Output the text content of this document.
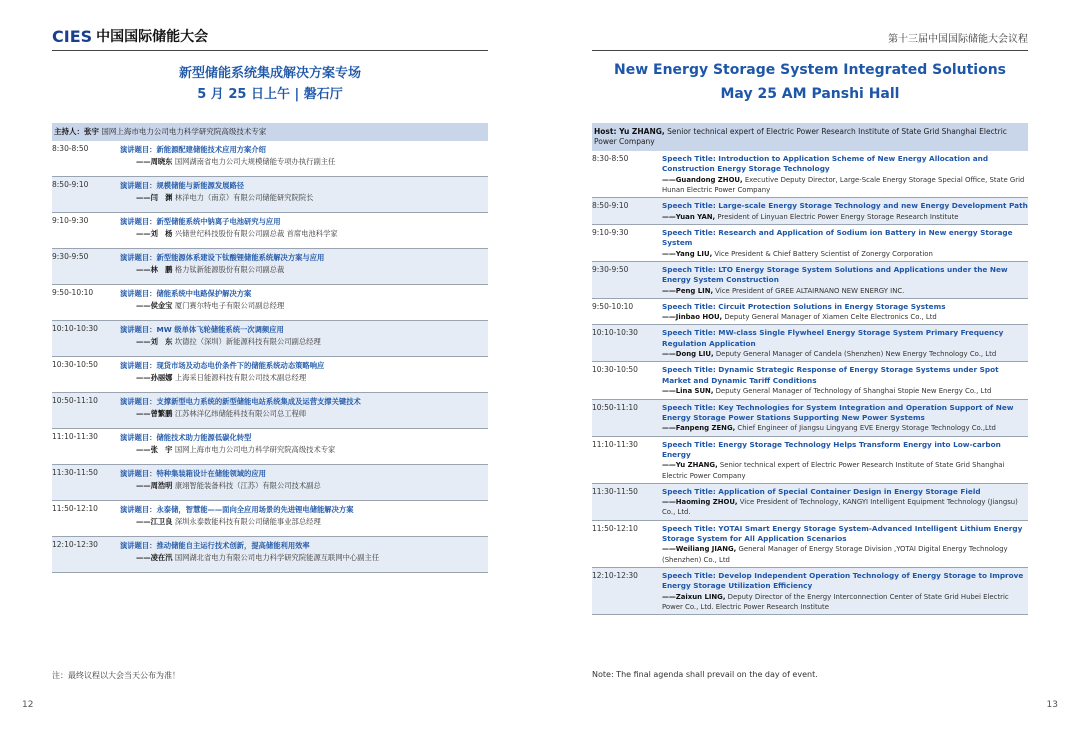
CIES 中国国际储能大会
新型储能系统集成解决方案专场
5 月 25 日上午 | 磐石厅
主持人：张宇 国网上海市电力公司电力科学研究院高级技术专家
8:30-8:50	演讲题目：新能源配建储能技术应用方案介绍
——周晓东 国网湖南省电力公司大规模储能专项办执行副主任
8:50-9:10	演讲题目：规模储能与新能源发展路径
——闫　渊 林洋电力（南京）有限公司储能研究院院长
9:10-9:30	演讲题目：新型储能系统中钠离子电池研究与应用
——刘　杨 兴储世纪科技股份有限公司副总裁 首席电池科学家
9:30-9:50	演讲题目：新型能源体系建设下钛酸锂储能系统解决方案与应用
——林　鹏 格力钛新能源股份有限公司副总裁
9:50-10:10	演讲题目：储能系统中电路保护解决方案
——侯金宝 厦门赛尔特电子有限公司副总经理
10:10-10:30	演讲题目：MW 级单体飞轮储能系统一次调频应用
——刘　东 坎德拉（深圳）新能源科技有限公司副总经理
10:30-10:50	演讲题目：现货市场及动态电价条件下的储能系统动态策略响应
——孙丽娜 上海采日能源科技有限公司技术副总经理
10:50-11:10	演讲题目：支撑新型电力系统的新型储能电站系统集成及运营支撑关键技术
——曾繁鹏 江苏林洋亿纬储能科技有限公司总工程师
11:10-11:30	演讲题目：储能技术助力能源低碳化转型
——张　宇 国网上海市电力公司电力科学研究院高级技术专家
11:30-11:50	演讲题目：特种集装箱设计在储能领域的应用
——周浩明 康翊智能装备科技（江苏）有限公司技术副总
11:50-12:10	演讲题目：永泰储，智慧能——面向全应用场景的先进锂电储能解决方案
——江卫良 深圳永泰数能科技有限公司储能事业部总经理
12:10-12:30	演讲题目：推动储能自主运行技术创新，提高储能利用效率
——凌在汛 国网湖北省电力有限公司电力科学研究院能源互联网中心副主任
注：最终议程以大会当天公布为准！
12
第十三届中国国际储能大会议程
New Energy Storage System Integrated Solutions
May 25 AM Panshi Hall
Host: Yu ZHANG, Senior technical expert of Electric Power Research Institute of State Grid Shanghai Electric Power Company
8:30-8:50	Speech Title: Introduction to Application Scheme of New Energy Allocation and Construction Energy Storage Technology
——Guandong ZHOU, Executive Deputy Director, Large-Scale Energy Storage Special Office, State Grid Hunan Electric Power Company
8:50-9:10	Speech Title: Large-scale Energy Storage Technology and new Energy Development Path
——Yuan YAN, President of Linyuan Electric Power Energy Storage Research Institute
9:10-9:30	Speech Title: Research and Application of Sodium ion Battery in New energy Storage System
——Yang LIU, Vice President & Chief Battery Scientist of Zonergy Corporation
9:30-9:50	Speech Title: LTO Energy Storage System Solutions and Applications under the New Energy System Construction
——Peng LIN, Vice President of GREE ALTAIRNANO NEW ENERGY INC.
9:50-10:10	Speech Title: Circuit Protection Solutions in Energy Storage Systems
——Jinbao HOU, Deputy General Manager of Xiamen Celte Electronics Co., Ltd
10:10-10:30	Speech Title: MW-class Single Flywheel Energy Storage System Primary Frequency Regulation Application
——Dong LIU, Deputy General Manager of Candela (Shenzhen) New Energy Technology Co., Ltd
10:30-10:50	Speech Title: Dynamic Strategic Response of Energy Storage Systems under Spot Market and Dynamic Tariff Conditions
——Lina SUN, Deputy General Manager of Technology of Shanghai Stopie New Energy Co., Ltd
10:50-11:10	Speech Title: Key Technologies for System Integration and Operation Support of New Energy Storage Power Stations Supporting New Power Systems
——Fanpeng ZENG, Chief Engineer of Jiangsu Lingyang EVE Energy Storage Technology Co.,Ltd
11:10-11:30	Speech Title: Energy Storage Technology Helps Transform Energy into Low-carbon Energy
——Yu ZHANG, Senior technical expert of Electric Power Research Institute of State Grid Shanghai Electric Power Company
11:30-11:50	Speech Title: Application of Special Container Design in Energy Storage Field
——Haoming ZHOU, Vice President of Technology, KANGYI Intelligent Equipment Technology (Jiangsu) Co., Ltd.
11:50-12:10	Speech Title: YOTAI Smart Energy Storage System-Advanced Intelligent Lithium Energy Storage System for All Application Scenarios
——Weiliang JIANG, General Manager of Energy Storage Division ,YOTAI Digital Energy Technology (Shenzhen) Co., Ltd
12:10-12:30	Speech Title: Develop Independent Operation Technology of Energy Storage to Improve Energy Storage Utilization Efficiency
——Zaixun LING, Deputy Director of the Energy Interconnection Center of State Grid Hubei Electric Power Co., Ltd. Electric Power Research Institute
Note: The final agenda shall prevail on the day of event.
13
